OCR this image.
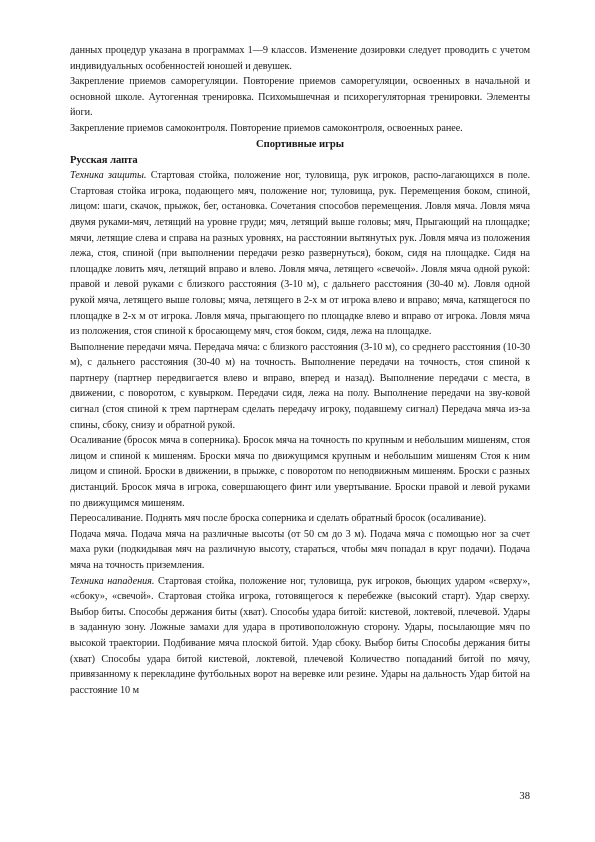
данных процедур указана в программах 1—9 классов. Изменение дозировки следует проводить с учетом индивидуальных особенностей юношей и девушек.

Закрепление приемов саморегуляции. Повторение приемов саморегуляции, освоенных в начальной и основной школе. Аутогенная тренировка. Психомышечная и психорегуляторная тренировки. Элементы йоги.

Закрепление приемов самоконтроля. Повторение приемов самоконтроля, освоенных ранее.

Спортивные игры

Русская лапта

Техника защиты. Стартовая стойка, положение ног, туловища, рук игроков, распо-лагающихся в поле. Стартовая стойка игрока, подающего мяч, положение ног, туловища, рук. Перемещения боком, спиной, лицом: шаги, скачок, прыжок, бег, остановка. Сочетания способов перемещения. Ловля мяча. Ловля мяча двумя руками-мяч, летящий на уровне груди; мяч, летящий выше головы; мяч, Прыгающий на площадке; мячи, летящие слева и справа на разных уровнях, на расстоянии вытянутых рук. Ловля мяча из положения лежа, стоя, спиной (при выполнении передачи резко развернуться), боком, сидя на площадке. Сидя на площадке ловить мяч, летящий вправо и влево. Ловля мяча, летящего «свечой». Ловля мяча одной рукой: правой и левой руками с близкого расстояния (3-10 м), с дальнего расстояния (30-40 м). Ловля одной рукой мяча, летящего выше головы; мяча, летящего в 2-х м от игрока влево и вправо; мяча, катящегося по площадке в 2-х м от игрока. Ловля мяча, прыгающего по площадке влево и вправо от игрока. Ловля мяча из положения, стоя спиной к бросающему мяч, стоя боком, сидя, лежа на площадке.

Выполнение передачи мяча. Передача мяча: с близкого расстояния (3-10 м), со среднего расстояния (10-30 м), с дальнего расстояния (30-40 м) на точность. Выполнение передачи на точность, стоя спиной к партнеру (партнер передвигается влево и вправо, вперед и назад). Выполнение передачи с места, в движении, с поворотом, с кувырком. Передачи сидя, лежа на полу. Выполнение передачи на зву-ковой сигнал (стоя спиной к трем партнерам сделать передачу игроку, подавшему сигнал) Передача мяча из-за спины, сбоку, снизу и обратной рукой.

Осаливание (бросок мяча в соперника). Бросок мяча на точность по крупным и небольшим мишеням, стоя лицом и спиной к мишеням. Броски мяча по движущимся крупным и небольшим мишеням Стоя к ним лицом и спиной. Броски в движении, в прыжке, с поворотом по неподвижным мишеням. Броски с разных дистанций. Бросок мяча в игрока, совершающего финт или увертывание. Броски правой и левой руками по движущимся мишеням.

Переосаливание. Поднять мяч после броска соперника и сделать обратный бросок (осаливание).

Подача мяча. Подача мяча на различные высоты (от 50 см до 3 м). Подача мяча с помощью ног за счет маха руки (подкидывая мяч на различную высоту, стараться, чтобы мяч попадал в круг подачи). Подача мяча на точность приземления.

Техника нападения. Стартовая стойка, положение ног, туловища, рук игроков, бьющих ударом «сверху», «сбоку», «свечой». Стартовая стойка игрока, готовящегося к перебежке (высокий старт). Удар сверху. Выбор биты. Способы держания биты (хват). Способы удара битой: кистевой, локтевой, плечевой. Удары в заданную зону. Ложные замахи для удара в противоположную сторону. Удары, посылающие мяч по высокой траектории. Подбивание мяча плоской битой. Удар сбоку. Выбор биты Способы держания биты (хват) Способы удара битой кистевой, локтевой, плечевой Количество попаданий битой по мячу, привязанному к перекладине футбольных ворот на веревке или резине. Удары на дальность Удар битой на расстояние 10 м

38
